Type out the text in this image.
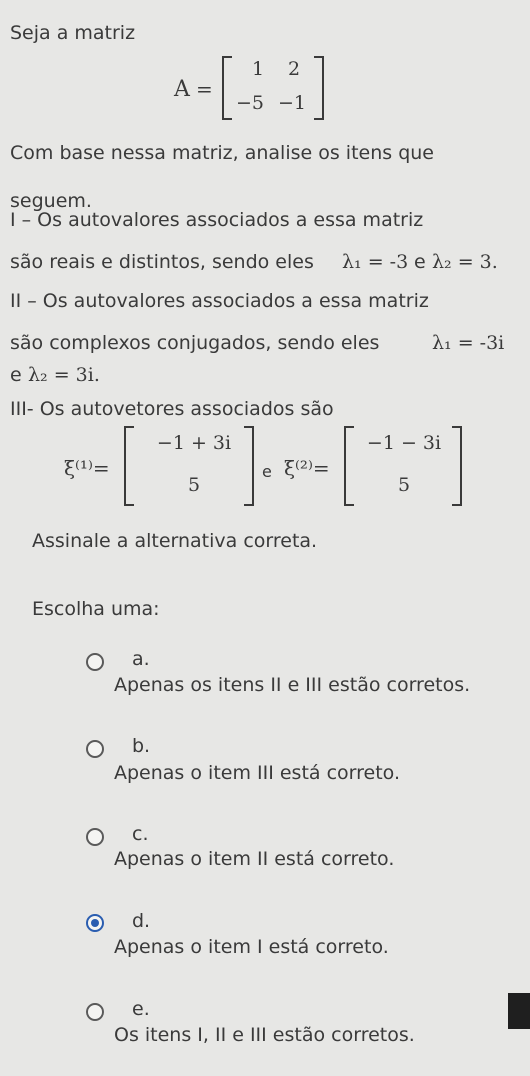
Seja a matriz
A =
1 2
−5 −1
Com base nessa matriz, analise os itens que
seguem.
I – Os autovalores associados a essa matriz
são reais e distintos, sendo eles λ₁ = -3 e λ₂ = 3.
II – Os autovalores associados a essa matriz
são complexos conjugados, sendo eles	λ₁ = -3i
e λ₂ = 3i.
III- Os autovetores associados são
ξ⁽¹⁾=
−1 + 3i
5
e ξ⁽²⁾=
−1 − 3i
5
Assinale a alternativa correta.
Escolha uma:
a.
Apenas os itens II e III estão corretos.
b.
Apenas o item III está correto.
c.
Apenas o item II está correto.
d.
Apenas o item I está correto.
e.
Os itens I, II e III estão corretos.
